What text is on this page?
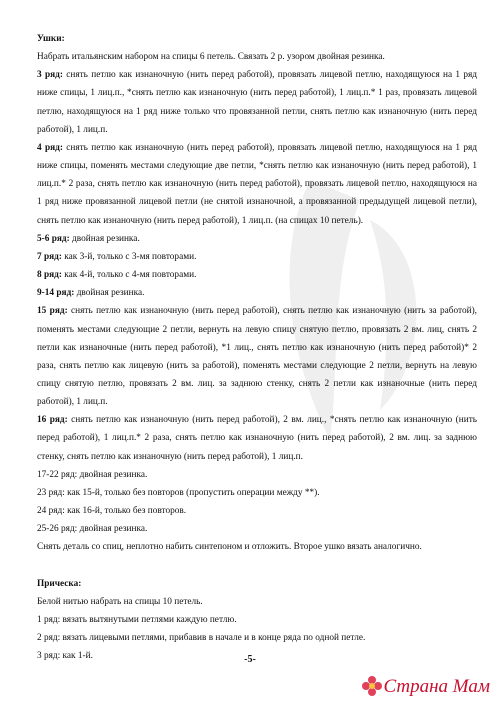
Ушки:

Набрать итальянским набором на спицы 6 петель. Связать 2 р. узором двойная резинка.

3 ряд: снять петлю как изнаночную (нить перед работой), провязать лицевой петлю, находящуюся на 1 ряд ниже спицы, 1 лиц.п., *снять петлю как изнаночную (нить перед работой), 1 лиц.п.* 1 раз, провязать лицевой петлю, находящуюся на 1 ряд ниже только что провязанной петли, снять петлю как изнаночную (нить перед работой), 1 лиц.п.

4 ряд: снять петлю как изнаночную (нить перед работой), провязать лицевой петлю, находящуюся на 1 ряд ниже спицы, поменять местами следующие две петли, *снять петлю как изнаночную (нить перед работой), 1 лиц.п.* 2 раза, снять петлю как изнаночную (нить перед работой), провязать лицевой петлю, находящуюся на 1 ряд ниже провязанной лицевой петли (не снятой изнаночной, а провязанной предыдущей лицевой петли), снять петлю как изнаночную (нить перед работой), 1 лиц.п. (на спицах 10 петель).

5-6 ряд: двойная резинка.

7 ряд: как 3-й, только с 3-мя повторами.

8 ряд: как 4-й, только с 4-мя повторами.

9-14 ряд: двойная резинка.

15 ряд: снять петлю как изнаночную (нить перед работой), снять петлю как изнаночную (нить за работой), поменять местами следующие 2 петли, вернуть на левую спицу снятую петлю, провязать 2 вм. лиц, снять 2 петли как изнаночные (нить перед работой), *1 лиц., снять петлю как изнаночную (нить перед работой)* 2 раза, снять петлю как лицевую (нить за работой), поменять местами следующие 2 петли, вернуть на левую спицу снятую петлю, провязать 2 вм. лиц. за заднюю стенку, снять 2 петли как изнаночные (нить перед работой), 1 лиц.п.

16 ряд: снять петлю как изнаночную (нить перед работой), 2 вм. лиц., *снять петлю как изнаночную (нить перед работой), 1 лиц.п.* 2 раза, снять петлю как изнаночную (нить перед работой), 2 вм. лиц. за заднюю стенку, снять петлю как изнаночную (нить перед работой), 1 лиц.п.

17-22 ряд: двойная резинка.

23 ряд: как 15-й, только без повторов (пропустить операции между **).

24 ряд: как 16-й, только без повторов.

25-26 ряд: двойная резинка.

Снять деталь со спиц, неплотно набить синтепоном и отложить. Второе ушко вязать аналогично.

Прическа:

Белой нитью набрать на спицы 10 петель.

1 ряд: вязать вытянутыми петлями каждую петлю.

2 ряд: вязать лицевыми петлями, прибавив в начале и в конце ряда по одной петле.

3 ряд: как 1-й.	-5-
Страна Мам
